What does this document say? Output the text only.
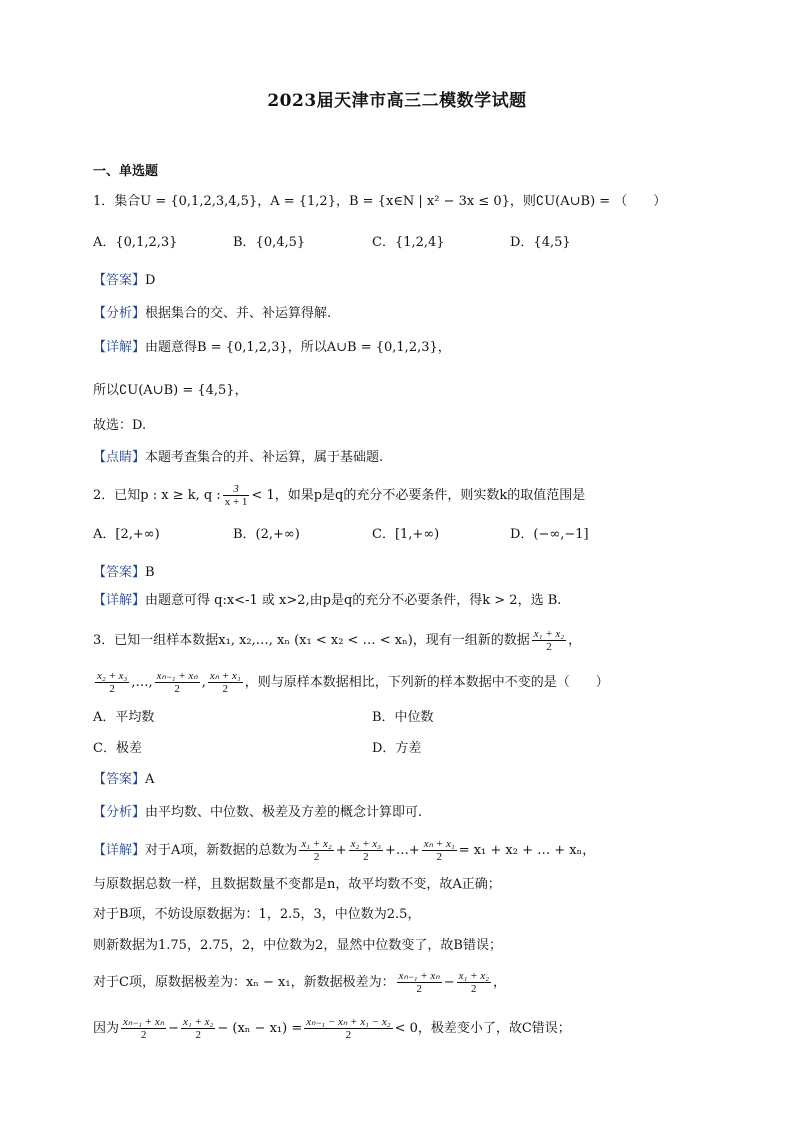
2023届天津市高三二模数学试题
一、单选题
1．集合U = {0,1,2,3,4,5}，A = {1,2}，B = {x∈N | x² − 3x ≤ 0}，则∁U(A∪B) = （　　）
A．{0,1,2,3}	B．{0,4,5}	C．{1,2,4}	D．{4,5}
【答案】D
【分析】根据集合的交、并、补运算得解.
【详解】由题意得B = {0,1,2,3}，所以A∪B = {0,1,2,3}，
所以∁U(A∪B) = {4,5}，
故选：D.
【点睛】本题考查集合的并、补运算，属于基础题.
2．已知p : x ≥ k, q : $\frac{3}{x + 1} < 1$，如果p是q的充分不必要条件，则实数k的取值范围是
A．[2,+∞)	B．(2,+∞)	C．[1,+∞)	D．(−∞,−1]
【答案】B
【详解】由题意可得 q:x<-1 或 x>2,由p是q的充分不必要条件，得k > 2，选 B.
3．已知一组样本数据x₁, x₂,…, xₙ (x₁ < x₂ < … < xₙ)，现有一组新的数据 $\frac{\text{x₁ + x₂}}{2}$ ，
$\frac{\text{x₂ + x₃}}{2}$ ,…, $\frac{\text{xₙ₋₁ + xₙ}}{2}$ , $\frac{\text{xₙ + x₁}}{2}$ ，则与原样本数据相比，下列新的样本数据中不变的是（　　）
A．平均数	B．中位数
C．极差	D．方差
【答案】A
【分析】由平均数、中位数、极差及方差的概念计算即可.
【详解】对于A项，新数据的总数为 $\frac{\text{x₁ + x₂}}{2} + \frac{\text{x₂ + x₃}}{2}$ +…+ $\frac{\text{xₙ + x₁}}{2} = x_1 + x_2$ + … + xₙ，
与原数据总数一样，且数据数量不变都是n，故平均数不变，故A正确；
对于B项，不妨设原数据为：1，2.5，3，中位数为2.5，
则新数据为1.75，2.75，2，中位数为2，显然中位数变了，故B错误；
对于C项，原数据极差为：xₙ − x₁，新数据极差为： $\frac{\text{xₙ₋₁ + xₙ}}{2} - \frac{\text{x₁ + x₂}}{2}$ ，
因为 $\frac{\text{xₙ₋₁ + xₙ}}{2} - \frac{\text{x₁ + x₂}}{2} - (x_n - x_1) = \frac{\text{xₙ₋₁ − xₙ + x₁ − x₂}}{2} < 0$，极差变小了，故C错误；
